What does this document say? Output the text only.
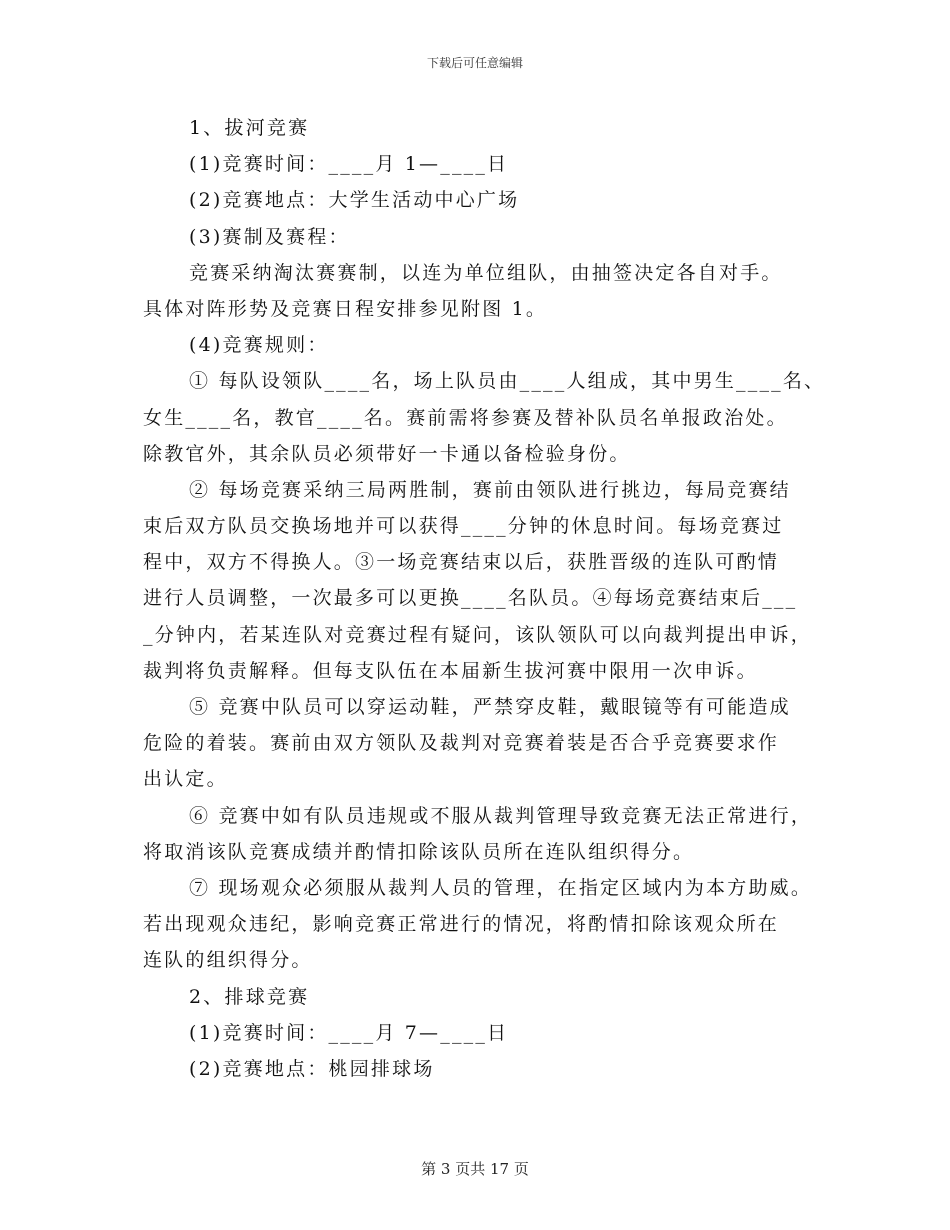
下载后可任意编辑
1、拔河竞赛
(1)竞赛时间：____月 1—____日
(2)竞赛地点：大学生活动中心广场
(3)赛制及赛程：
竞赛采纳淘汰赛赛制，以连为单位组队，由抽签决定各自对手。
具体对阵形势及竞赛日程安排参见附图 1。
(4)竞赛规则：
① 每队设领队____名，场上队员由____人组成，其中男生____名、
女生____名，教官____名。赛前需将参赛及替补队员名单报政治处。
除教官外，其余队员必须带好一卡通以备检验身份。
② 每场竞赛采纳三局两胜制，赛前由领队进行挑边，每局竞赛结
束后双方队员交换场地并可以获得____分钟的休息时间。每场竞赛过
程中，双方不得换人。③一场竞赛结束以后，获胜晋级的连队可酌情
进行人员调整，一次最多可以更换____名队员。④每场竞赛结束后___
_分钟内，若某连队对竞赛过程有疑问，该队领队可以向裁判提出申诉，
裁判将负责解释。但每支队伍在本届新生拔河赛中限用一次申诉。
⑤ 竞赛中队员可以穿运动鞋，严禁穿皮鞋，戴眼镜等有可能造成
危险的着装。赛前由双方领队及裁判对竞赛着装是否合乎竞赛要求作
出认定。
⑥ 竞赛中如有队员违规或不服从裁判管理导致竞赛无法正常进行，
将取消该队竞赛成绩并酌情扣除该队员所在连队组织得分。
⑦ 现场观众必须服从裁判人员的管理，在指定区域内为本方助威。
若出现观众违纪，影响竞赛正常进行的情况，将酌情扣除该观众所在
连队的组织得分。
2、排球竞赛
(1)竞赛时间：____月 7—____日
(2)竞赛地点：桃园排球场
第 3 页共 17 页
